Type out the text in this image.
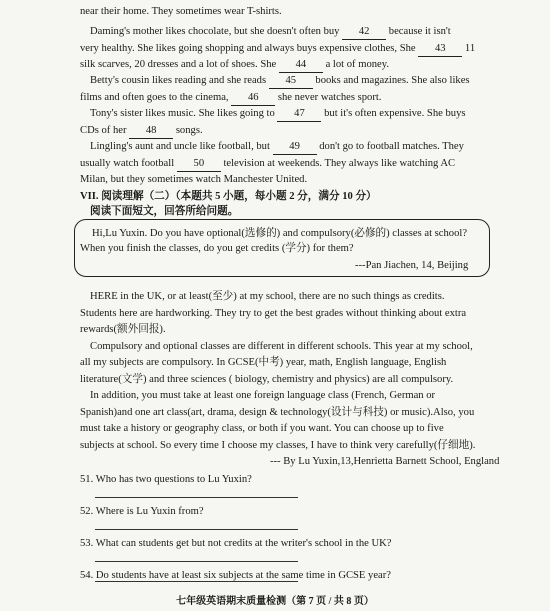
near their home. They sometimes wear T-shirts.
Daming's mother likes chocolate, but she doesn't often buy 42 because it isn't
very healthy. She likes going shopping and always buys expensive clothes, She 43 11
silk scarves, 20 dresses and a lot of shoes. She 44 a lot of money.
Betty's cousin likes reading and she reads 45 books and magazines. She also likes
films and often goes to the cinema, 46 she never watches sport.
Tony's sister likes music. She likes going to 47 but it's often expensive. She buys
CDs of her 48 songs.
Lingling's aunt and uncle like football, but 49 don't go to football matches. They
usually watch football 50 television at weekends. They always like watching AC
Milan, but they sometimes watch Manchester United.
VII. 阅读理解（二）（本题共 5 小题，每小题 2 分，满分 10 分）
阅读下面短文，回答所给问题。
Hi,Lu Yuxin. Do you have optional(选修的) and compulsory(必修的) classes at school?
When you finish the classes, do you get credits (学分) for them?
---Pan Jiachen, 14, Beijing
HERE in the UK, or at least(至少) at my school, there are no such things as credits.
Students here are hardworking. They try to get the best grades without thinking about extra
rewards(额外回报).
Compulsory and optional classes are different in different schools. This year at my school,
all my subjects are compulsory. In GCSE(中考) year, math, English language, English
literature(文学) and three sciences ( biology, chemistry and physics) are all compulsory.
In addition, you must take at least one foreign language class (French, German or
Spanish)and one art class(art, drama, design & technology(设计与科技) or music).Also, you
must take a history or geography class, or both if you want. You can choose up to five
subjects at school. So every time I choose my classes, I have to think very carefully(仔细地).
--- By Lu Yuxin,13,Henrietta Barnett School, England
51. Who has two questions to Lu Yuxin?
52. Where is Lu Yuxin from?
53. What can students get but not credits at the writer's school in the UK?
54. Do students have at least six subjects at the same time in GCSE year?
七年级英语期末质量检测（第 7 页 / 共 8 页）
